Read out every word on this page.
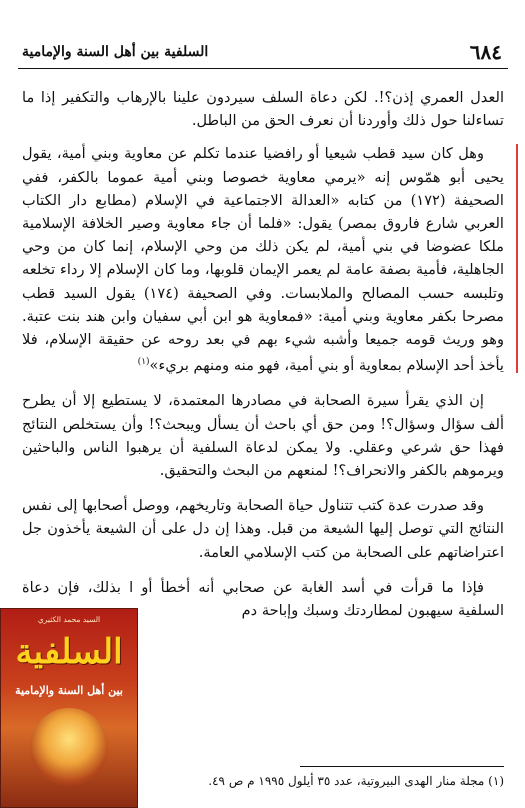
٦٨٤
السلفية بين أهل السنة والإمامية

العدل العمري إذن؟!. لكن دعاة السلف سيردون علينا بالإرهاب والتكفير إذا ما تساءلنا حول ذلك وأوردنا أن نعرف الحق من الباطل.

وهل كان سيد قطب شيعيا أو رافضيا عندما تكلم عن معاوية وبني أمية، يقول يحيى أبو همّوس إنه «يرمي معاوية خصوصا وبني أمية عموما بالكفر، ففي الصحيفة (١٧٢) من كتابه «العدالة الاجتماعية في الإسلام (مطابع دار الكتاب العربي شارع فاروق بمصر) يقول: «فلما أن جاء معاوية وصير الخلافة الإسلامية ملكا عضوضا في بني أمية، لم يكن ذلك من وحي الإسلام، إنما كان من وحي الجاهلية، فأمية بصفة عامة لم يعمر الإيمان قلوبها، وما كان الإسلام إلا رداء تخلعه وتلبسه حسب المصالح والملابسات. وفي الصحيفة (١٧٤) يقول السيد قطب مصرحا بكفر معاوية وبني أمية: «فمعاوية هو ابن أبي سفيان وابن هند بنت عتبة. وهو وريث قومه جميعا وأشبه شيء بهم في بعد روحه عن حقيقة الإسلام، فلا يأخذ أحد الإسلام بمعاوية أو بني أمية، فهو منه ومنهم بريء»$^{(١)}$

إن الذي يقرأ سيرة الصحابة في مصادرها المعتمدة، لا يستطيع إلا أن يطرح ألف سؤال وسؤال؟! ومن حق أي باحث أن يسأل ويبحث؟! وأن يستخلص النتائج فهذا حق شرعي وعقلي. ولا يمكن لدعاة السلفية أن يرهبوا الناس والباحثين ويرموهم بالكفر والانحراف؟! لمنعهم من البحث والتحقيق.

وقد صدرت عدة كتب تتناول حياة الصحابة وتاريخهم، ووصل أصحابها إلى نفس النتائج التي توصل إليها الشيعة من قبل. وهذا إن دل على أن الشيعة يأخذون جل اعتراضاتهم على الصحابة من كتب الإسلامي العامة.

فإذا ما قرأت في أسد الغابة عن صحابي أنه أخطأ أو ا بذلك، فإن دعاة السلفية سيهبون لمطاردتك وسبك وإباحة دم

(١) مجلة منار الهدى البيروتية، عدد ٣٥ أيلول ١٩٩٥ م ص ٤٩.
السيد محمد الكثيري
السلفية
بين أهل السنة والإمامية
